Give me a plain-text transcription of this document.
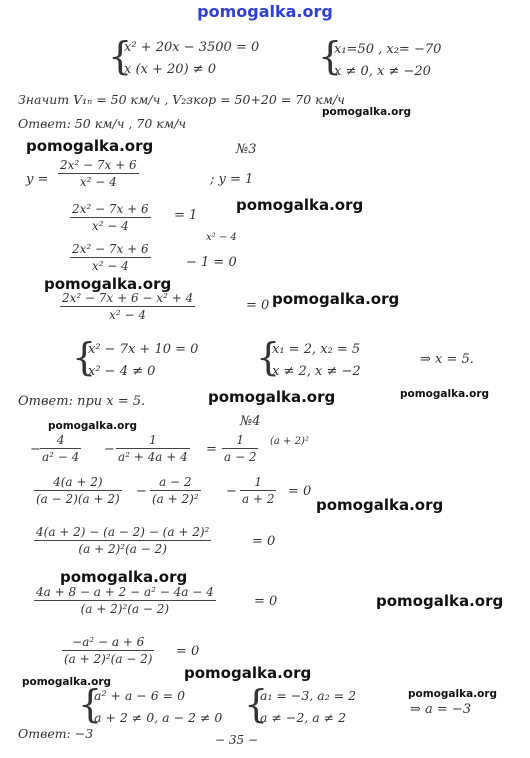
pomogalka.org
{
x² + 20x − 3500 = 0
x (x + 20) ≠ 0	{
x₁=50 , x₂= −70
x ≠ 0, x ≠ −20
Значит V₁ₙ = 50 км/ч , V₂зкор = 50+20 = 70 км/ч
pomogalka.org
Ответ: 50 км/ч , 70 км/ч
pomogalka.org	№3
$y = \frac{\text{2x² − 7x + 6}}{\text{x² − 4}}$	; y = 1
$\frac{\text{2x² − 7x + 6}}{\text{x² − 4}} = 1$
pomogalka.org
x² − 4
$\frac{\text{2x² − 7x + 6}}{\text{x² − 4}}$	− 1 = 0
pomogalka.org
$\frac{\text{2x² − 7x + 6 − x² + 4}}{\text{x² − 4}}$	= 0 pomogalka.org
{
x² − 7x + 10 = 0
x² − 4 ≠ 0	{
x₁ = 2, x₂ = 5
x ≠ 2, x ≠ −2
⇒ x = 5.
Ответ: при x = 5.	pomogalka.org	pomogalka.org
pomogalka.org	№4
− $\frac{4}{\text{a² − 4}} - \frac{1}{\text{a² + 4a + 4}} = \frac{1}{a - 2} (a + 2)^2$
$\frac{4(a + 2)}{(a - 2)(a + 2)} - \frac{a - 2}{\text{(a + 2)²}} - \frac{1}{a + 2} = 0$
pomogalka.org
$\frac{\text{4(a + 2) − (a − 2) − (a + 2)²}}{\text{(a + 2)²(a − 2)}}$	= 0
pomogalka.org
$\frac{\text{4a + 8 − a + 2 − a² − 4a − 4}}{\text{(a + 2)²(a − 2)}}$	= 0	pomogalka.org
$\frac{\text{−a² − a + 6}}{\text{(a + 2)²(a − 2)}} = 0$
pomogalka.org
pomogalka.org
{
a² + a − 6 = 0
a + 2 ≠ 0, a − 2 ≠ 0 {
a₁ = −3, a₂ = 2
a ≠ −2, a ≠ 2
pomogalka.org
⇒ a = −3
Ответ: −3	− 35 −
